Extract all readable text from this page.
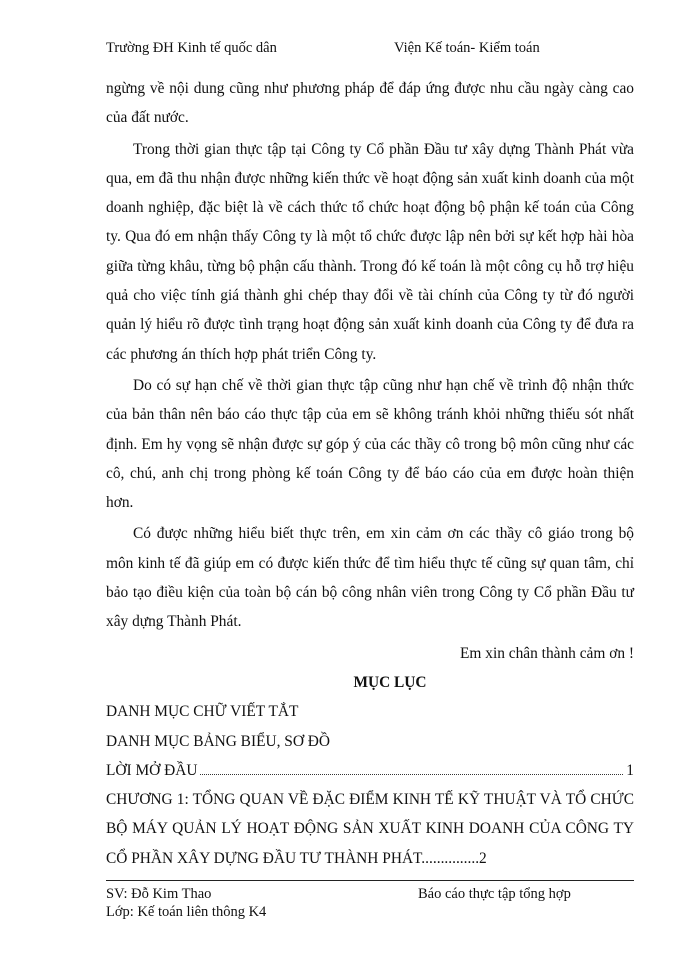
Trường ĐH Kinh tế quốc dân	Viện Kế toán- Kiểm toán

ngừng về nội dung cũng như phương pháp để đáp ứng được nhu cầu ngày càng cao của đất nước.

Trong thời gian thực tập tại Công ty Cổ phần Đầu tư xây dựng Thành Phát vừa qua, em đã thu nhận được những kiến thức về hoạt động sản xuất kinh doanh của một doanh nghiệp, đặc biệt là về cách thức tổ chức hoạt động bộ phận kế toán của Công ty. Qua đó em nhận thấy Công ty là một tổ chức được lập nên bởi sự kết hợp hài hòa giữa từng khâu, từng bộ phận cấu thành. Trong đó kế toán là một công cụ hỗ trợ hiệu quả cho việc tính giá thành ghi chép thay đổi về tài chính của Công ty từ đó người quản lý hiểu rõ được tình trạng hoạt động sản xuất kinh doanh của Công ty để đưa ra các phương án thích hợp phát triển Công ty.

Do có sự hạn chế về thời gian thực tập cũng như hạn chế về trình độ nhận thức của bản thân nên báo cáo thực tập của em sẽ không tránh khỏi những thiếu sót nhất định. Em hy vọng sẽ nhận được sự góp ý của các thầy cô trong bộ môn cũng như các cô, chú, anh chị trong phòng kế toán Công ty để báo cáo của em được hoàn thiện hơn.

Có được những hiểu biết thực trên, em xin cảm ơn các thầy cô giáo trong bộ môn kinh tế đã giúp em có được kiến thức để tìm hiểu thực tế cũng sự quan tâm, chỉ bảo tạo điều kiện của toàn bộ cán bộ công nhân viên trong Công ty Cổ phần Đầu tư xây dựng Thành Phát.

Em xin chân thành cảm ơn !

MỤC LỤC

DANH MỤC CHỮ VIẾT TẮT

DANH MỤC BẢNG BIỂU, SƠ ĐỒ

LỜI MỞ ĐẦU	1
CHƯƠNG 1: TỔNG QUAN VỀ ĐẶC ĐIỂM KINH TẾ KỸ THUẬT VÀ TỔ CHỨC BỘ MÁY QUẢN LÝ HOẠT ĐỘNG SẢN XUẤT KINH DOANH CỦA CÔNG TY CỔ PHẦN XÂY DỰNG ĐẦU TƯ THÀNH PHÁT...............2
SV: Đỗ Kim Thao	Báo cáo thực tập tổng hợp
Lớp: Kế toán liên thông K4
